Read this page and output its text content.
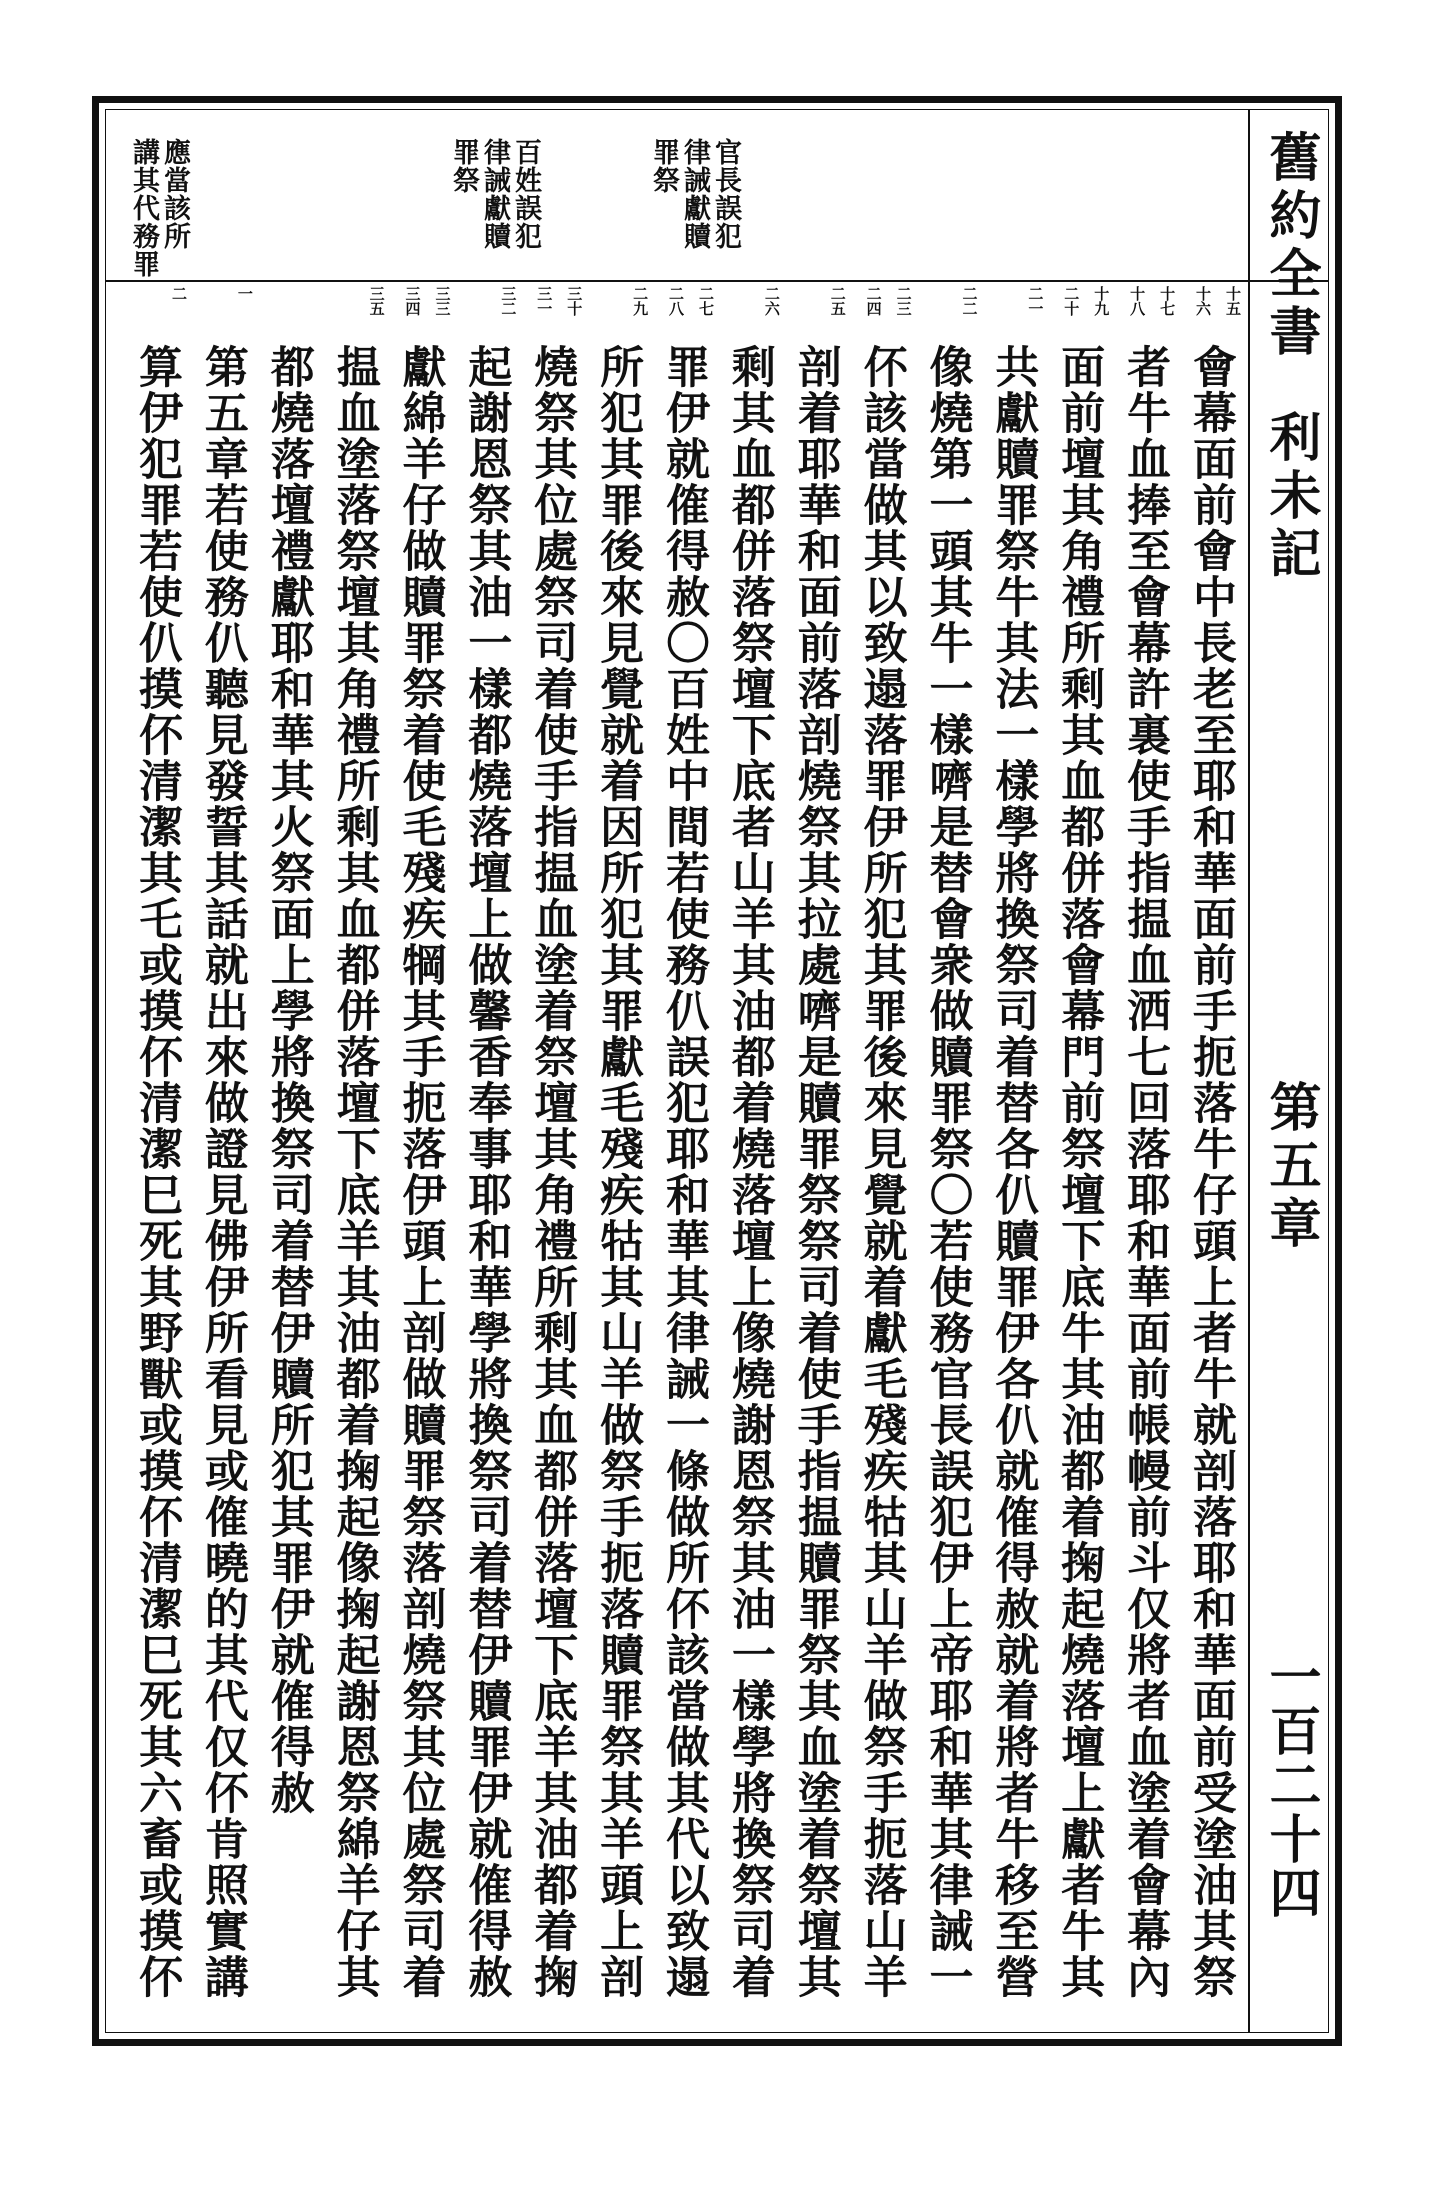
官長誤犯律誡獻贖罪祭
百姓誤犯律誡獻贖罪祭
應當該所講其代務罪	舊約全書
利未記
第五章
一百二十四
十六 十五
會幕面前會中長老至耶和華面前手扼落牛仔頭上者牛就剖落耶和華面前受塗油其祭
十八 十七
者牛血捧至會幕許裏使手指揾血洒七回落耶和華面前帳幔前斗仅將者血塗着會幕內
二十 十九
面前壇其角禮所剩其血都併落會幕門前祭壇下底牛其油都着掬起燒落壇上獻者牛其
二一
共獻贖罪祭牛其法一樣學將換祭司着替各仈贖罪伊各仈就傕得赦就着將者牛移至營
二二
像燒第一頭其牛一樣嚌是替會衆做贖罪祭〇若使務官長誤犯伊上帝耶和華其律誡一
二四 二三
伓該當做其以致遢落罪伊所犯其罪後來見覺就着獻毛殘疾牯其山羊做祭手扼落山羊
二五
剖着耶華和面前落剖燒祭其拉處嚌是贖罪祭祭司着使手指揾贖罪祭其血塗着祭壇其
二六
剩其血都併落祭壇下底者山羊其油都着燒落壇上像燒謝恩祭其油一樣學將換祭司着
二八 二七
罪伊就傕得赦〇百姓中間若使務仈誤犯耶和華其律誡一條做所伓該當做其代以致遢
二九
所犯其罪後來見覺就着因所犯其罪獻毛殘疾牯其山羊做祭手扼落贖罪祭其羊頭上剖
三一 三十
燒祭其位處祭司着使手指揾血塗着祭壇其角禮所剩其血都併落壇下底羊其油都着掬
三二
起謝恩祭其油一樣都燒落壇上做馨香奉事耶和華學將換祭司着替伊贖罪伊就傕得赦
三四 三三
獻綿羊仔做贖罪祭着使毛殘疾犅其手扼落伊頭上剖做贖罪祭落剖燒祭其位處祭司着
三五
揾血塗落祭壇其角禮所剩其血都併落壇下底羊其油都着掬起像掬起謝恩祭綿羊仔其
都燒落壇禮獻耶和華其火祭面上學將換祭司着替伊贖所犯其罪伊就傕得赦
一
第五章若使務仈聽見發誓其話就出來做證見佛伊所看見或傕曉的其代仅伓肯照實講
二
算伊犯罪若使仈摸伓清潔其乇或摸伓清潔巳死其野獸或摸伓清潔巳死其六畜或摸伓
